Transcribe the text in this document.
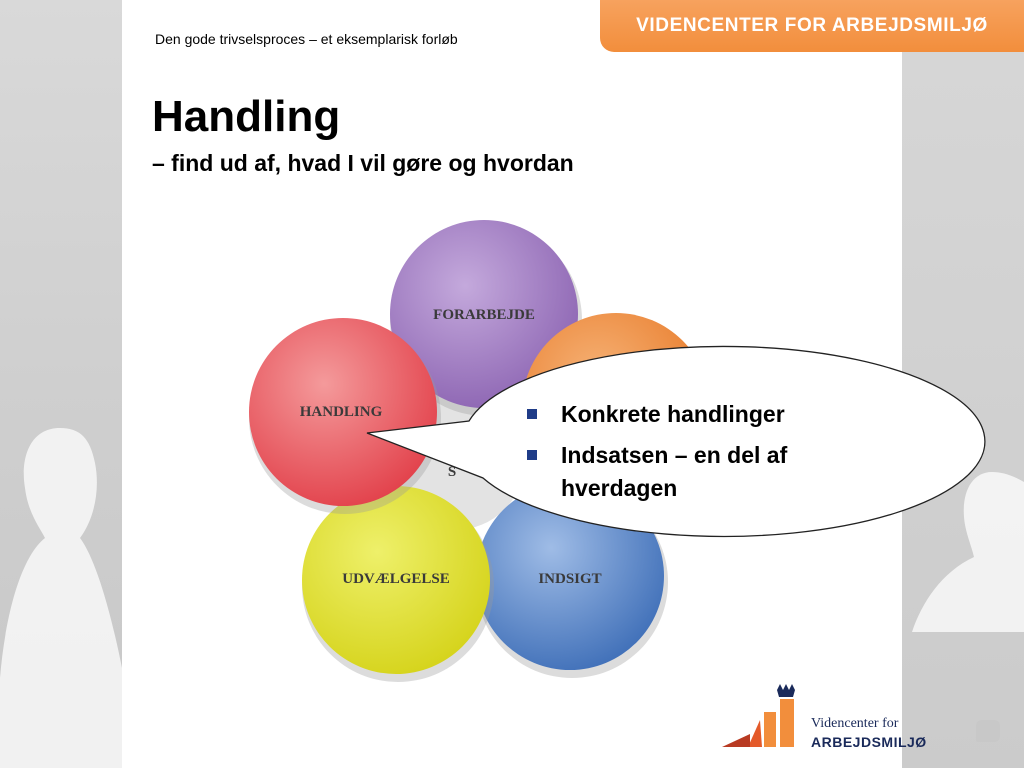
VIDENCENTER FOR ARBEJDSMILJØ
Den gode trivselsproces – et eksemplarisk forløb
Handling
– find ud af, hvad I vil gøre og hvordan
FORARBEJDE
HANDLING
UDVÆLGELSE	INDSIGT
S
Konkrete handlinger
Indsatsen – en del af hverdagen
Videncenter for
ARBEJDSMILJØ
